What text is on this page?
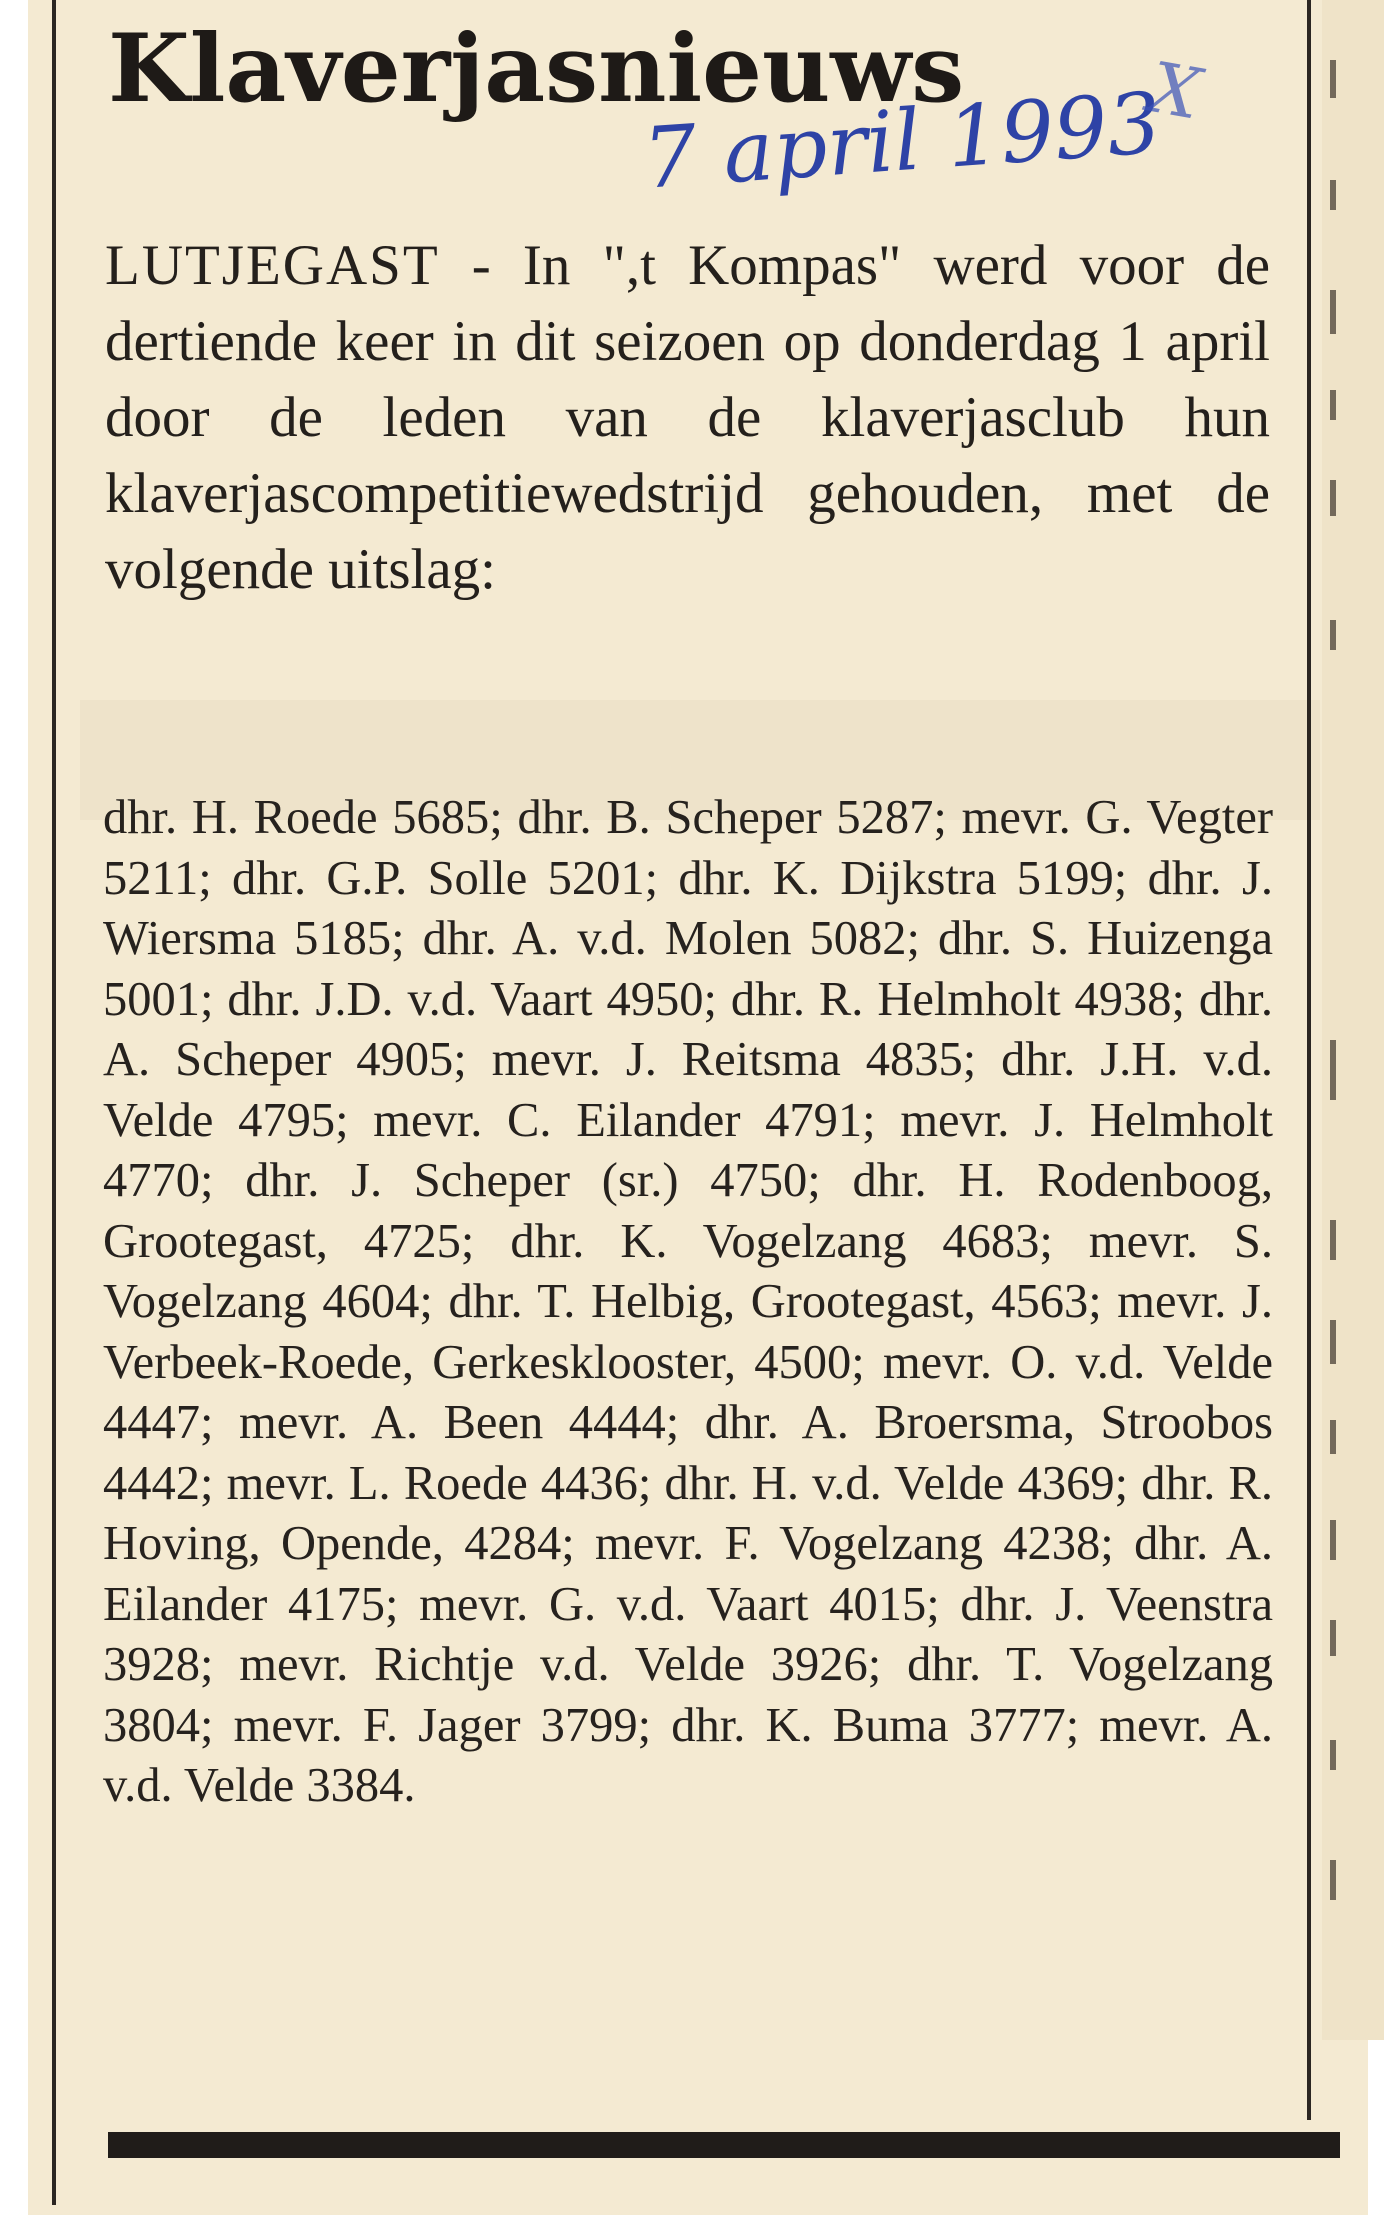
Klaverjasnieuws
7 april 1993
X

LUTJEGAST - In ",t Kompas" werd voor de dertiende keer in dit seizoen op donderdag 1 april door de leden van de klaverjasclub hun klaverjascompetitiewedstrijd gehouden, met de volgende uitslag:

dhr. H. Roede 5685; dhr. B. Scheper 5287; mevr. G. Vegter 5211; dhr. G.P. Solle 5201; dhr. K. Dijkstra 5199; dhr. J. Wiersma 5185; dhr. A. v.d. Molen 5082; dhr. S. Huizenga 5001; dhr. J.D. v.d. Vaart 4950; dhr. R. Helmholt 4938; dhr. A. Scheper 4905; mevr. J. Reitsma 4835; dhr. J.H. v.d. Velde 4795; mevr. C. Eilander 4791; mevr. J. Helmholt 4770; dhr. J. Scheper (sr.) 4750; dhr. H. Rodenboog, Grootegast, 4725; dhr. K. Vogelzang 4683; mevr. S. Vogelzang 4604; dhr. T. Helbig, Grootegast, 4563; mevr. J. Verbeek-Roede, Gerkesklooster, 4500; mevr. O. v.d. Velde 4447; mevr. A. Been 4444; dhr. A. Broersma, Stroobos 4442; mevr. L. Roede 4436; dhr. H. v.d. Velde 4369; dhr. R. Hoving, Opende, 4284; mevr. F. Vogelzang 4238; dhr. A. Eilander 4175; mevr. G. v.d. Vaart 4015; dhr. J. Veenstra 3928; mevr. Richtje v.d. Velde 3926; dhr. T. Vogelzang 3804; mevr. F. Jager 3799; dhr. K. Buma 3777; mevr. A. v.d. Velde 3384.
